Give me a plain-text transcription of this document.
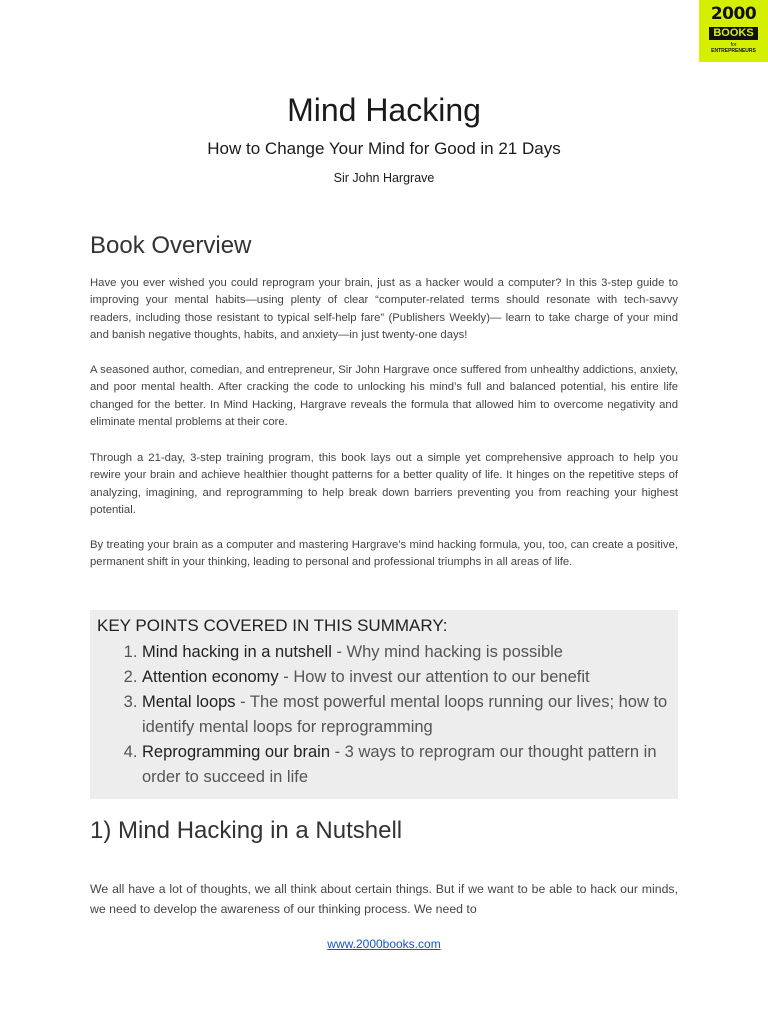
2000
BOOKS
for
ENTREPRENEURS
Mind Hacking
How to Change Your Mind for Good in 21 Days
Sir John Hargrave
Book Overview

Have you ever wished you could reprogram your brain, just as a hacker would a computer? In this 3-step guide to improving your mental habits—using plenty of clear “computer-related terms should resonate with tech-savvy readers, including those resistant to typical self-help fare” (Publishers Weekly)— learn to take charge of your mind and banish negative thoughts, habits, and anxiety—in just twenty-one days!

A seasoned author, comedian, and entrepreneur, Sir John Hargrave once suffered from unhealthy addictions, anxiety, and poor mental health. After cracking the code to unlocking his mind’s full and balanced potential, his entire life changed for the better. In Mind Hacking, Hargrave reveals the formula that allowed him to overcome negativity and eliminate mental problems at their core.

Through a 21-day, 3-step training program, this book lays out a simple yet comprehensive approach to help you rewire your brain and achieve healthier thought patterns for a better quality of life. It hinges on the repetitive steps of analyzing, imagining, and reprogramming to help break down barriers preventing you from reaching your highest potential.

By treating your brain as a computer and mastering Hargrave’s mind hacking formula, you, too, can create a positive, permanent shift in your thinking, leading to personal and professional triumphs in all areas of life.

KEY POINTS COVERED IN THIS SUMMARY:
1. Mind hacking in a nutshell - Why mind hacking is possible
2. Attention economy - How to invest our attention to our benefit
3. Mental loops - The most powerful mental loops running our lives; how to identify mental loops for reprogramming
4. Reprogramming our brain - 3 ways to reprogram our thought pattern in order to succeed in life
1) Mind Hacking in a Nutshell

We all have a lot of thoughts, we all think about certain things. But if we want to be able to hack our minds, we need to develop the awareness of our thinking process. We need to

www.2000books.com
